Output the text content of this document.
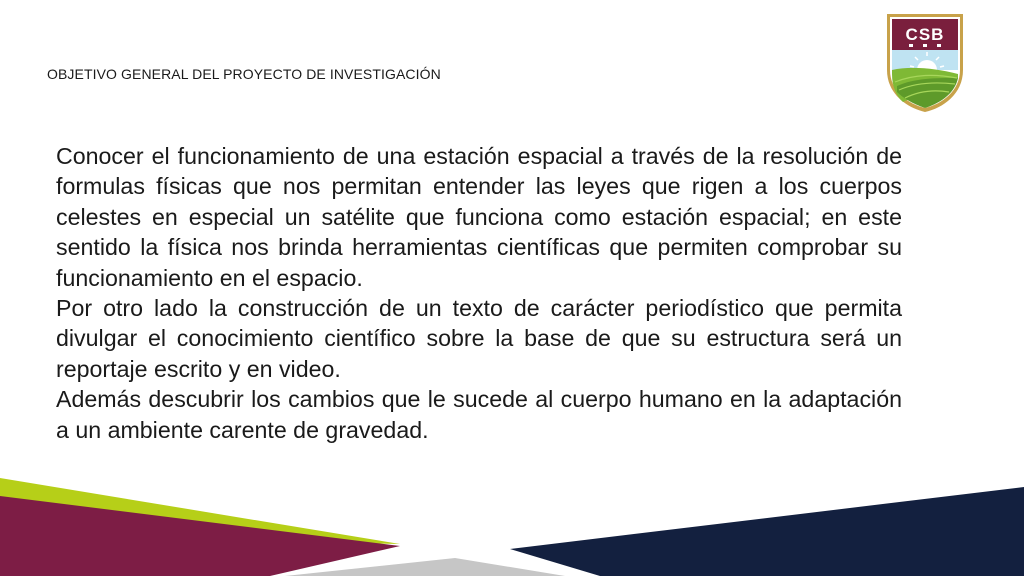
OBJETIVO GENERAL DEL PROYECTO DE INVESTIGACIÓN
CSB

Conocer el funcionamiento de una estación espacial a través de la resolución de formulas físicas que nos permitan entender las leyes que rigen a los cuerpos celestes en especial un satélite que funciona como estación espacial; en este sentido la física nos brinda herramientas científicas que permiten comprobar su funcionamiento en el espacio.

Por otro lado la construcción de un texto de carácter periodístico que permita divulgar el conocimiento científico sobre la base de que su estructura será un reportaje escrito y en video.

Además descubrir los cambios que le sucede al cuerpo humano en la adaptación a un ambiente carente de gravedad.
